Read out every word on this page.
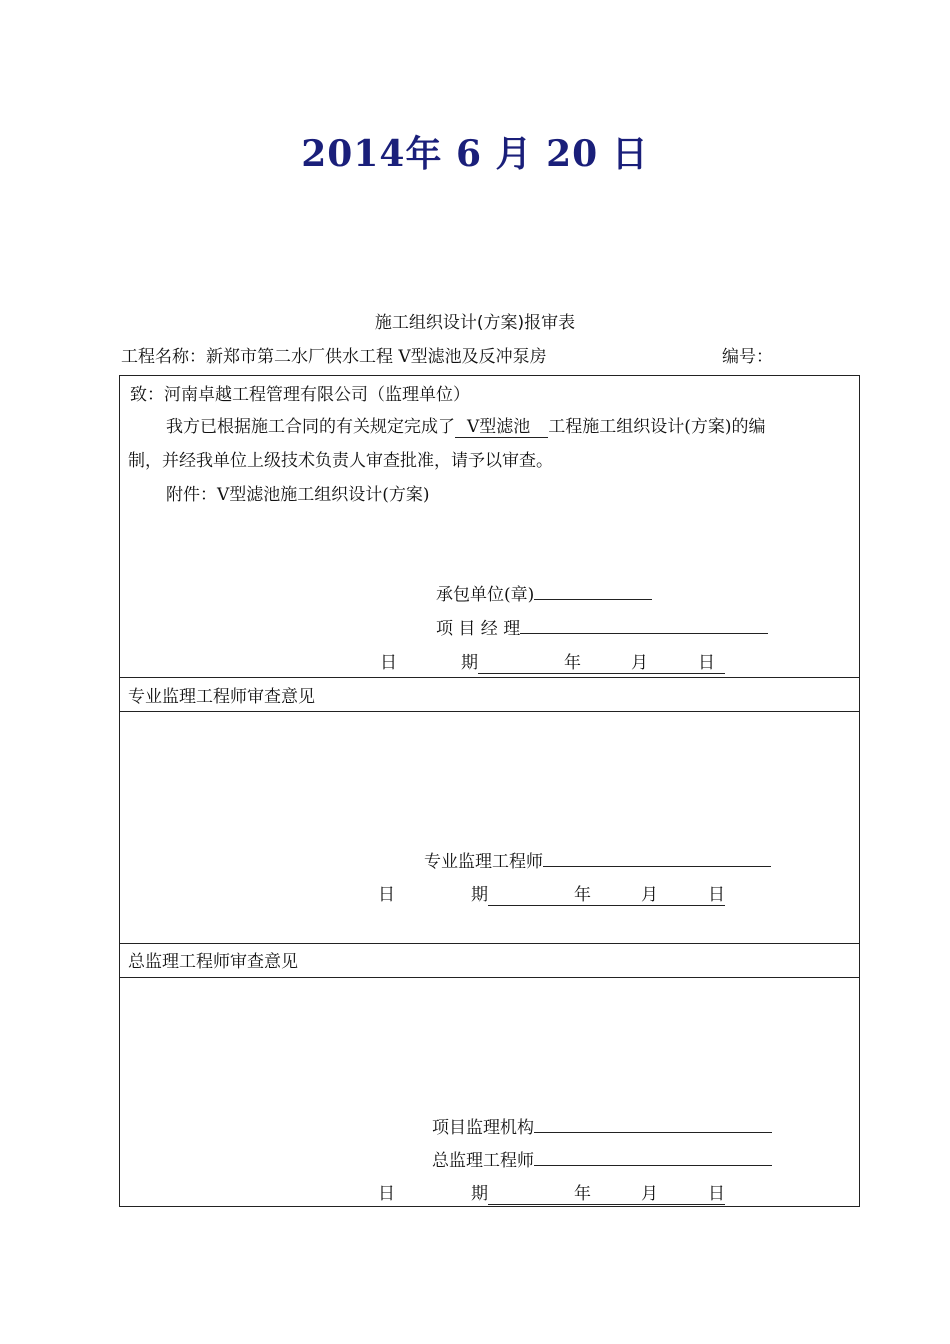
2014年 6 月 20 日
施工组织设计(方案)报审表
工程名称：新郑市第二水厂供水工程 V型滤池及反冲泵房	编号：
致：河南卓越工程管理有限公司（监理单位）
我方已根据施工合同的有关规定完成了 V型滤池 工程施工组织设计(方案)的编
制，并经我单位上级技术负责人审查批准，请予以审查。
附件：V型滤池施工组织设计(方案)
承包单位(章)
项 目 经 理
日	期	年	月	日
专业监理工程师审查意见
专业监理工程师
日	期	年	月	日
总监理工程师审查意见
项目监理机构
总监理工程师
日	期	年	月	日
